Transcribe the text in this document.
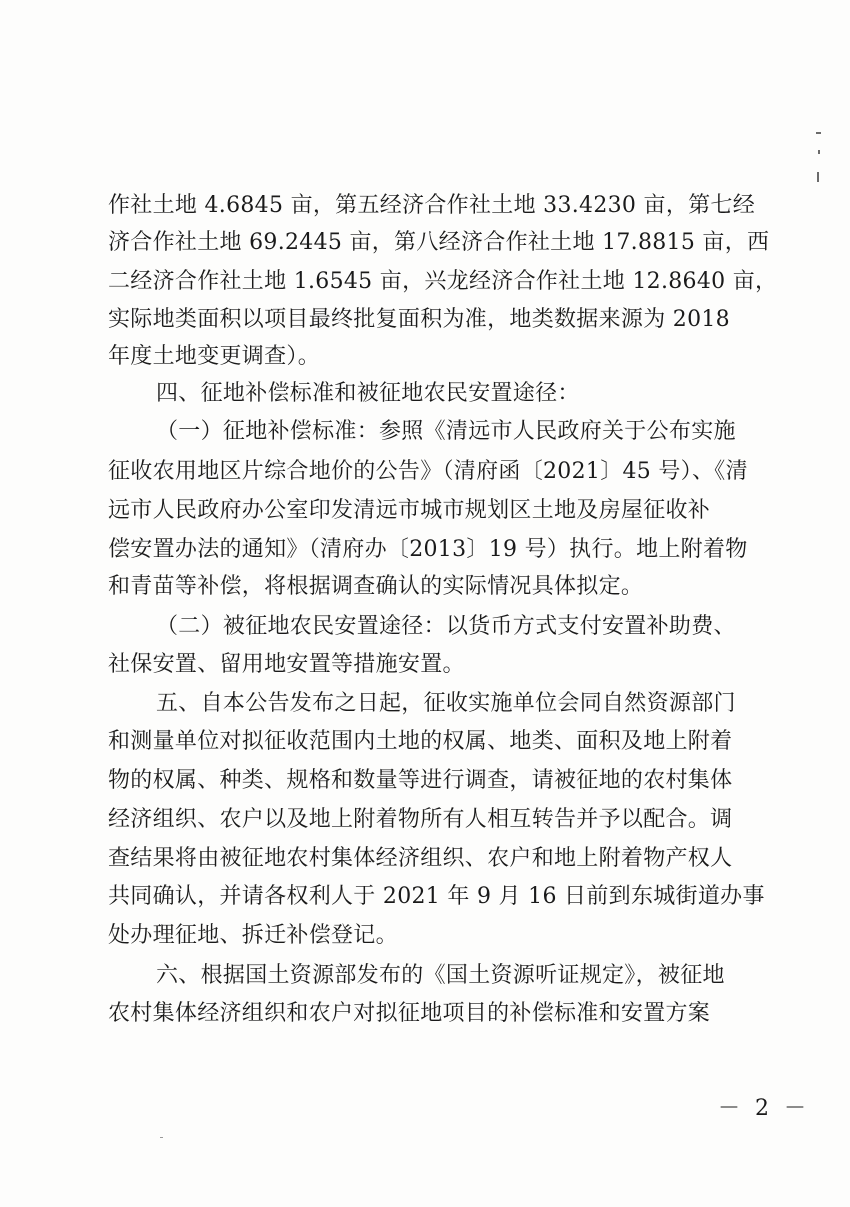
作社土地 4.6845 亩，第五经济合作社土地 33.4230 亩，第七经
济合作社土地 69.2445 亩，第八经济合作社土地 17.8815 亩，西
二经济合作社土地 1.6545 亩，兴龙经济合作社土地 12.8640 亩，
实际地类面积以项目最终批复面积为准，地类数据来源为 2018
年度土地变更调查）。
四、征地补偿标准和被征地农民安置途径：
（一）征地补偿标准：参照《清远市人民政府关于公布实施
征收农用地区片综合地价的公告》（清府函〔2021〕45 号）、《清
远市人民政府办公室印发清远市城市规划区土地及房屋征收补
偿安置办法的通知》（清府办〔2013〕19 号）执行。地上附着物
和青苗等补偿，将根据调查确认的实际情况具体拟定。
（二）被征地农民安置途径：以货币方式支付安置补助费、
社保安置、留用地安置等措施安置。
五、自本公告发布之日起，征收实施单位会同自然资源部门
和测量单位对拟征收范围内土地的权属、地类、面积及地上附着
物的权属、种类、规格和数量等进行调查，请被征地的农村集体
经济组织、农户以及地上附着物所有人相互转告并予以配合。调
查结果将由被征地农村集体经济组织、农户和地上附着物产权人
共同确认，并请各权利人于 2021 年 9 月 16 日前到东城街道办事
处办理征地、拆迁补偿登记。
六、根据国土资源部发布的《国土资源听证规定》，被征地
农村集体经济组织和农户对拟征地项目的补偿标准和安置方案
－ 2 －
